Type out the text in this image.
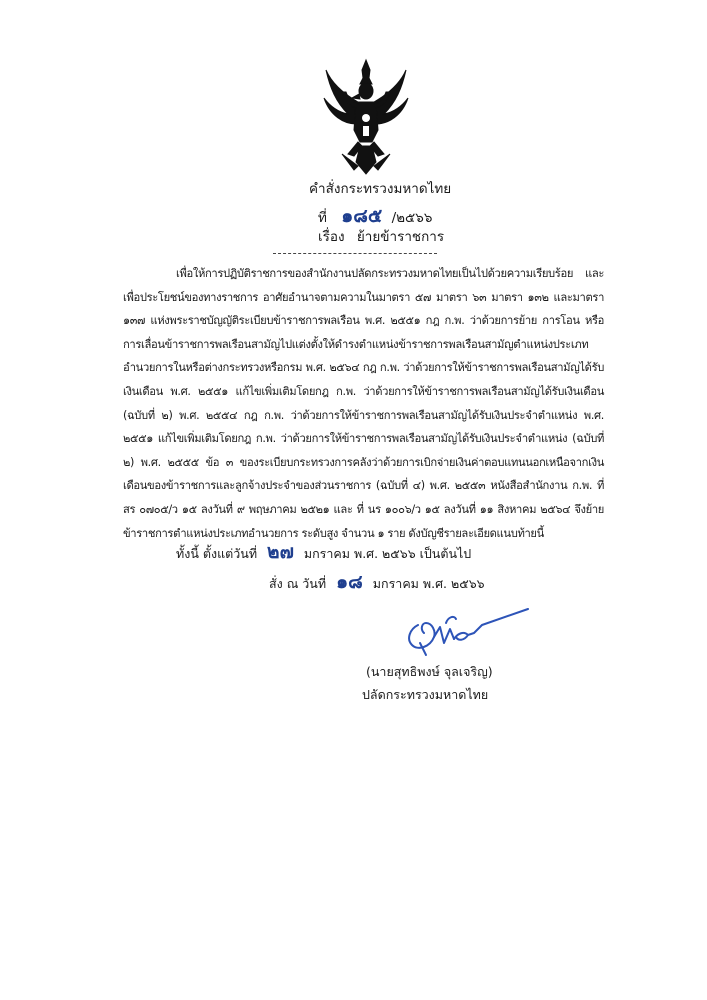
คำสั่งกระทรวงมหาดไทย
ที่ ๑๘๕ /๒๕๖๖
เรื่อง ย้ายข้าราชการ

เพื่อให้การปฏิบัติราชการของสำนักงานปลัดกระทรวงมหาดไทยเป็นไปด้วยความเรียบร้อย และเพื่อประโยชน์ของทางราชการ อาศัยอำนาจตามความในมาตรา ๕๗ มาตรา ๖๓ มาตรา ๑๓๒ และมาตรา ๑๓๗ แห่งพระราชบัญญัติระเบียบข้าราชการพลเรือน พ.ศ. ๒๕๕๑ กฎ ก.พ. ว่าด้วยการย้าย การโอน หรือการเลื่อนข้าราชการพลเรือนสามัญไปแต่งตั้งให้ดำรงตำแหน่งข้าราชการพลเรือนสามัญตำแหน่งประเภทอำนวยการในหรือต่างกระทรวงหรือกรม พ.ศ. ๒๕๖๔ กฎ ก.พ. ว่าด้วยการให้ข้าราชการพลเรือนสามัญได้รับเงินเดือน พ.ศ. ๒๕๕๑ แก้ไขเพิ่มเติมโดยกฎ ก.พ. ว่าด้วยการให้ข้าราชการพลเรือนสามัญได้รับเงินเดือน (ฉบับที่ ๒) พ.ศ. ๒๕๕๔ กฎ ก.พ. ว่าด้วยการให้ข้าราชการพลเรือนสามัญได้รับเงินประจำตำแหน่ง พ.ศ. ๒๕๕๑ แก้ไขเพิ่มเติมโดยกฎ ก.พ. ว่าด้วยการให้ข้าราชการพลเรือนสามัญได้รับเงินประจำตำแหน่ง (ฉบับที่ ๒) พ.ศ. ๒๕๕๕ ข้อ ๓ ของระเบียบกระทรวงการคลังว่าด้วยการเบิกจ่ายเงินค่าตอบแทนนอกเหนือจากเงินเดือนของข้าราชการและลูกจ้างประจำของส่วนราชการ (ฉบับที่ ๔) พ.ศ. ๒๕๕๓ หนังสือสำนักงาน ก.พ. ที่ สร ๐๗๐๕/ว ๑๕ ลงวันที่ ๙ พฤษภาคม ๒๕๒๑ และ ที่ นร ๑๐๐๖/ว ๑๕ ลงวันที่ ๑๑ สิงหาคม ๒๕๖๔ จึงย้ายข้าราชการตำแหน่งประเภทอำนวยการ ระดับสูง จำนวน ๑ ราย ดังบัญชีรายละเอียดแนบท้ายนี้

ทั้งนี้ ตั้งแต่วันที่ ๒๗ มกราคม พ.ศ. ๒๕๖๖ เป็นต้นไป
สั่ง ณ วันที่ ๑๘ มกราคม พ.ศ. ๒๕๖๖
(นายสุทธิพงษ์ จุลเจริญ)
ปลัดกระทรวงมหาดไทย
